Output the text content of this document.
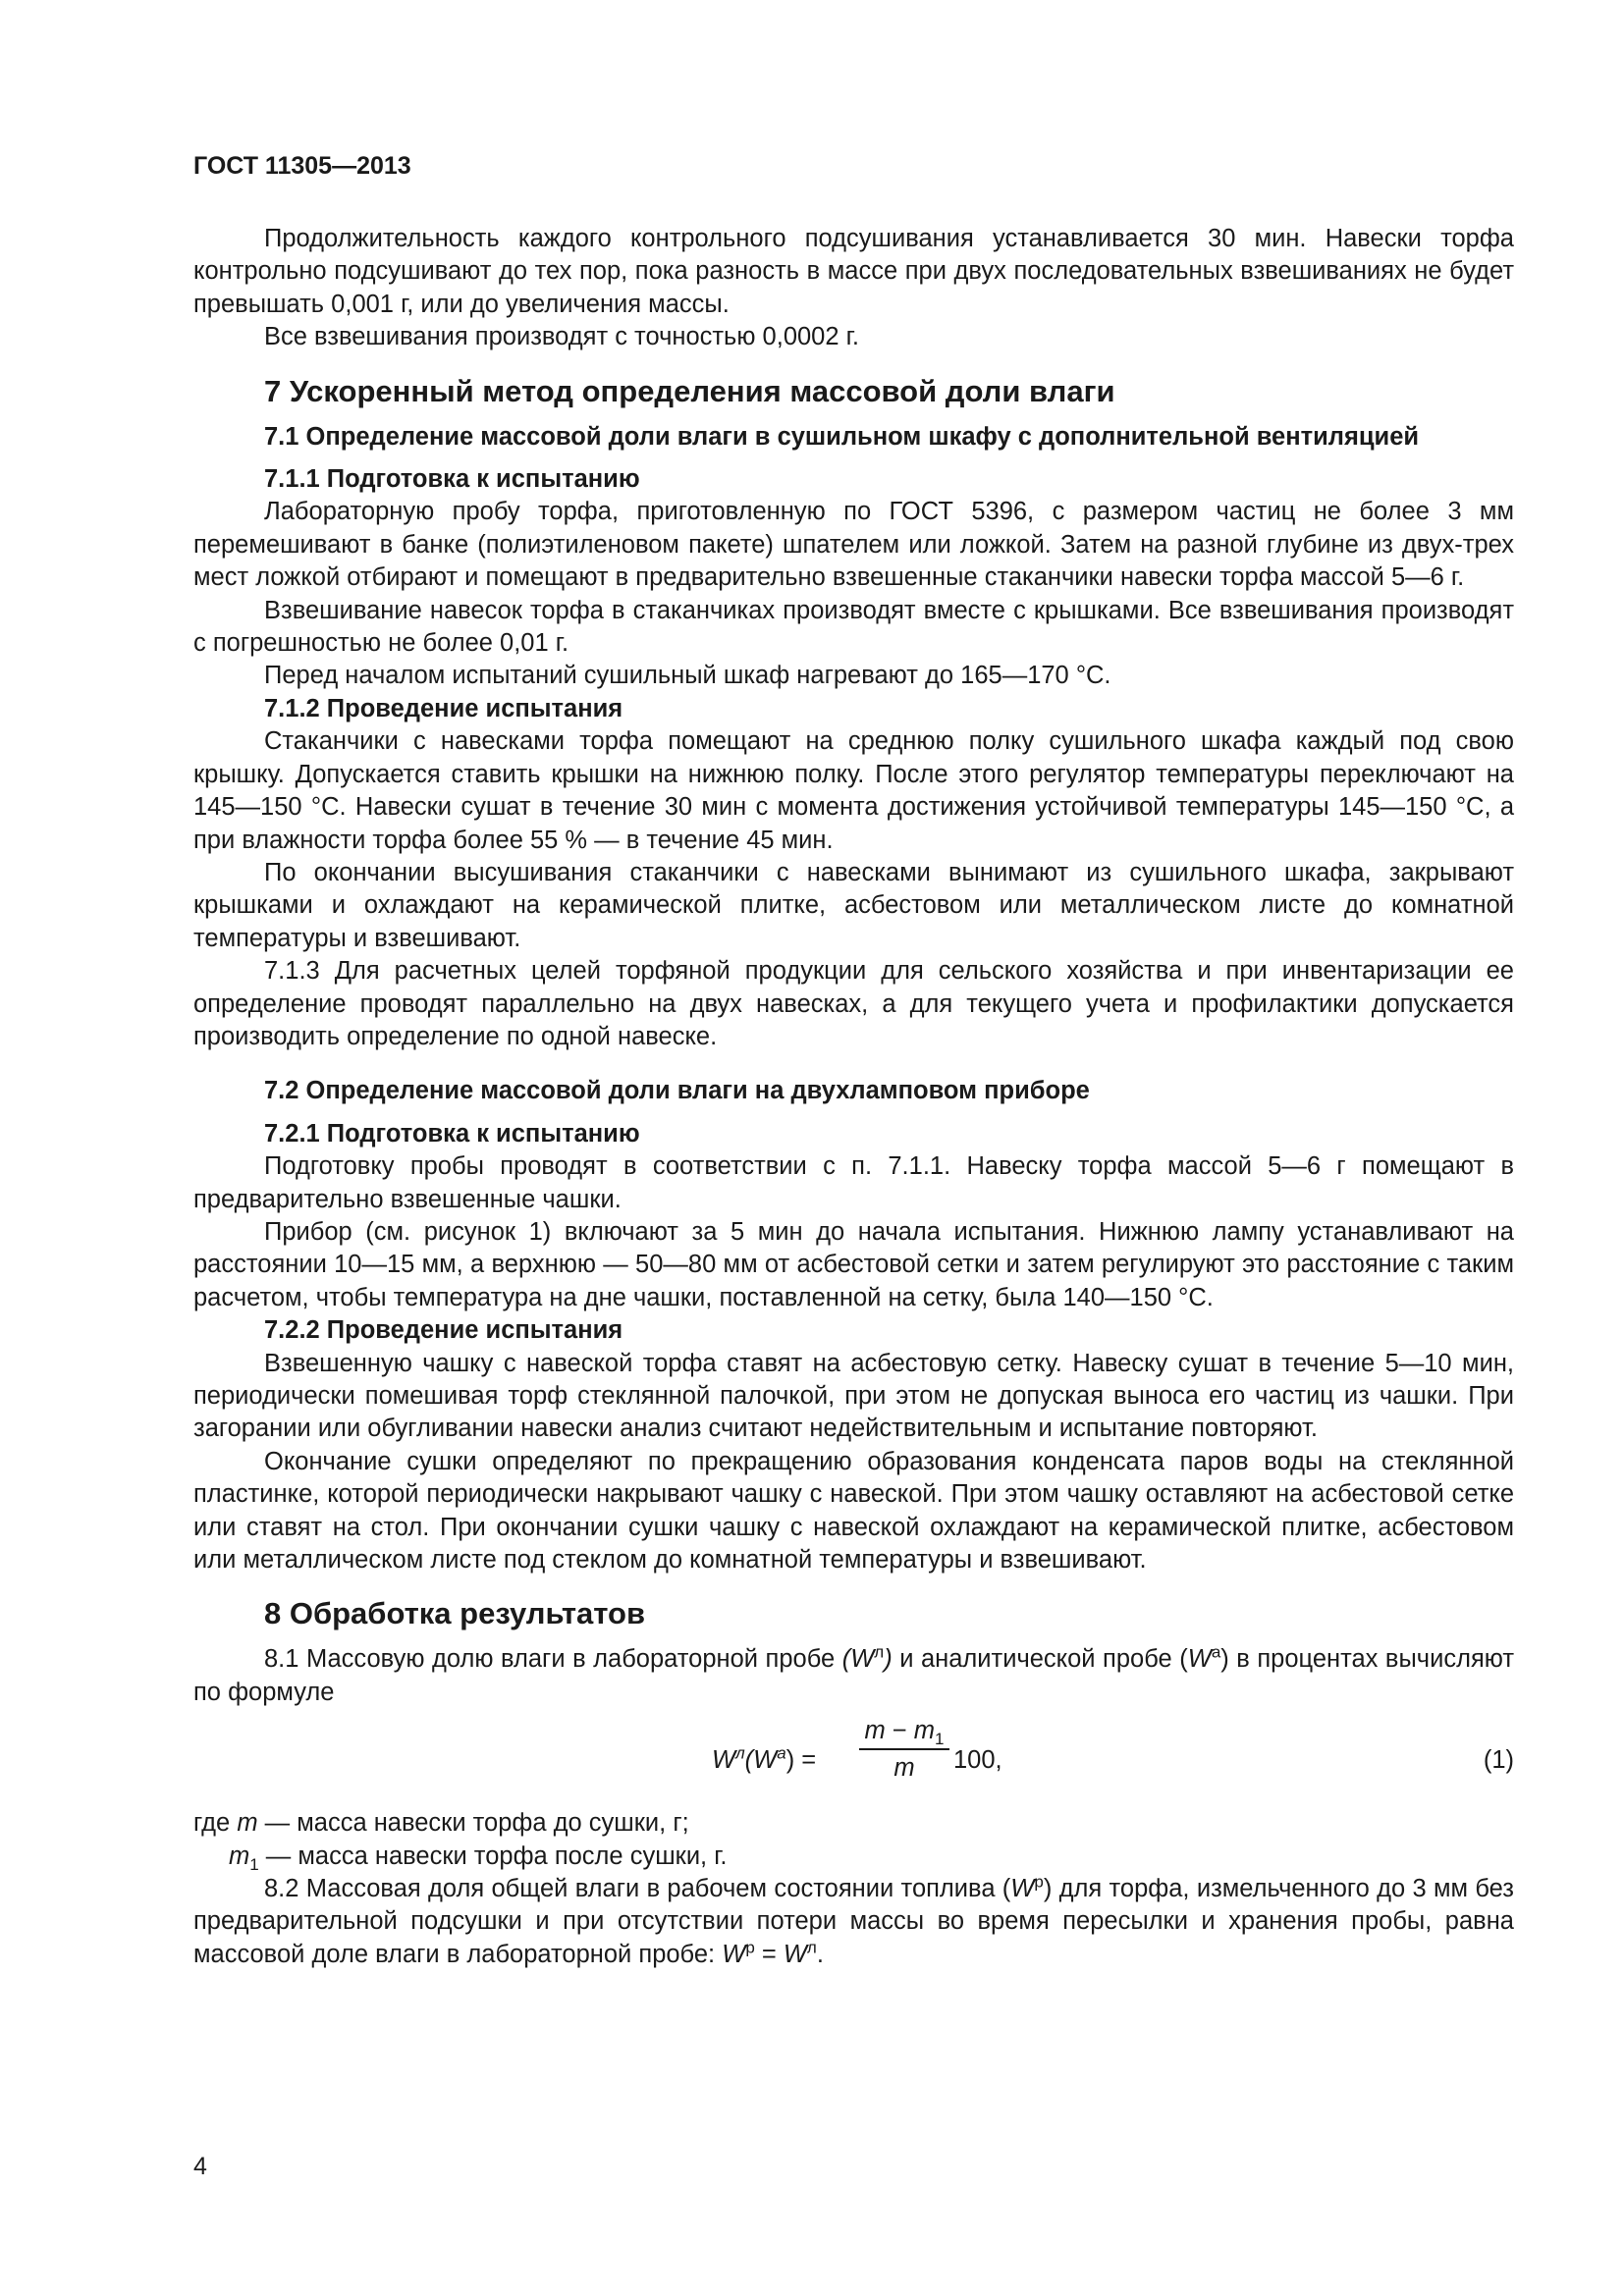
ГОСТ 11305—2013

Продолжительность каждого контрольного подсушивания устанавливается 30 мин. Навески торфа контрольно подсушивают до тех пор, пока разность в массе при двух последовательных взвешиваниях не будет превышать 0,001 г, или до увеличения массы.

Все взвешивания производят с точностью 0,0002 г.

7 Ускоренный метод определения массовой доли влаги

7.1 Определение массовой доли влаги в сушильном шкафу с дополнительной вентиляцией

7.1.1 Подготовка к испытанию

Лабораторную пробу торфа, приготовленную по ГОСТ 5396, с размером частиц не более 3 мм перемешивают в банке (полиэтиленовом пакете) шпателем или ложкой. Затем на разной глубине из двух-трех мест ложкой отбирают и помещают в предварительно взвешенные стаканчики навески торфа массой 5—6 г.

Взвешивание навесок торфа в стаканчиках производят вместе с крышками. Все взвешивания производят с погрешностью не более 0,01 г.

Перед началом испытаний сушильный шкаф нагревают до 165—170 °С.

7.1.2 Проведение испытания

Стаканчики с навесками торфа помещают на среднюю полку сушильного шкафа каждый под свою крышку. Допускается ставить крышки на нижнюю полку. После этого регулятор температуры переключают на 145—150 °С. Навески сушат в течение 30 мин с момента достижения устойчивой температуры 145—150 °С, а при влажности торфа более 55 % — в течение 45 мин.

По окончании высушивания стаканчики с навесками вынимают из сушильного шкафа, закрывают крышками и охлаждают на керамической плитке, асбестовом или металлическом листе до комнатной температуры и взвешивают.

7.1.3 Для расчетных целей торфяной продукции для сельского хозяйства и при инвентаризации ее определение проводят параллельно на двух навесках, а для текущего учета и профилактики допускается производить определение по одной навеске.

7.2 Определение массовой доли влаги на двухламповом приборе

7.2.1 Подготовка к испытанию

Подготовку пробы проводят в соответствии с п. 7.1.1. Навеску торфа массой 5—6 г помещают в предварительно взвешенные чашки.

Прибор (см. рисунок 1) включают за 5 мин до начала испытания. Нижнюю лампу устанавливают на расстоянии 10—15 мм, а верхнюю — 50—80 мм от асбестовой сетки и затем регулируют это расстояние с таким расчетом, чтобы температура на дне чашки, поставленной на сетку, была 140—150 °С.

7.2.2 Проведение испытания

Взвешенную чашку с навеской торфа ставят на асбестовую сетку. Навеску сушат в течение 5—10 мин, периодически помешивая торф стеклянной палочкой, при этом не допуская выноса его частиц из чашки. При загорании или обугливании навески анализ считают недействительным и испытание повторяют.

Окончание сушки определяют по прекращению образования конденсата паров воды на стеклянной пластинке, которой периодически накрывают чашку с навеской. При этом чашку оставляют на асбестовой сетке или ставят на стол. При окончании сушки чашку с навеской охлаждают на керамической плитке, асбестовом или металлическом листе под стеклом до комнатной температуры и взвешивают.

8 Обработка результатов

8.1 Массовую долю влаги в лабораторной пробе $(W^л)$ и аналитической пробе $(W^a)$ в процентах вычисляют по формуле

$W^л(W^a)$ =
$m - m_1$
m	100,	(1)

где m — масса навески торфа до сушки, г;

$m_1$ — масса навески торфа после сушки, г.

8.2 Массовая доля общей влаги в рабочем состоянии топлива $(W^p)$ для торфа, измельченного до 3 мм без предварительной подсушки и при отсутствии потери массы во время пересылки и хранения пробы, равна массовой доле влаги в лабораторной пробе: $W^p = W^л$.

4
